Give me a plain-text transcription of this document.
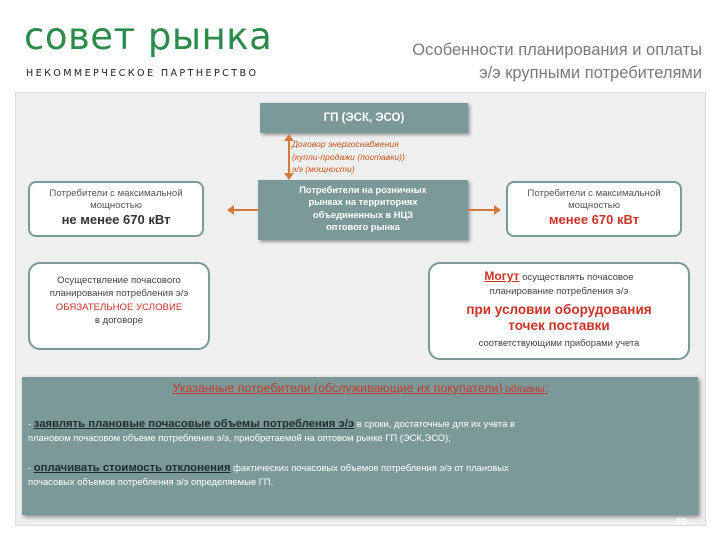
совет рынка
НЕКОММЕРЧЕСКОЕ ПАРТНЕРСТВО
Особенности планирования и оплаты
э/э крупными потребителями
ГП (ЭСК, ЭСО)
Договор энергоснабжения
(купли-продажи (поставки))
э/э (мощности)
Потребители на розничных
рынках на территориях
объединенных в НЦЗ
оптового рынка
Потребители с максимальной
мощностью
не менее 670 кВт
Потребители с максимальной
мощностью
менее 670 кВт
Осуществление почасового
планирования потребления э/э
ОБЯЗАТЕЛЬНОЕ УСЛОВИЕ
в договоре
Могут осуществлять почасовое
планирование потребления э/э
при условии оборудования
точек поставки
соответствующими приборами учета
Указанные потребители (обслуживающие их покупатели) обязаны:
- заявлять плановые почасовые объемы потребления э/э в сроки, достаточные для их учета в
плановом почасовом объеме потребления э/э, приобретаемой на оптовом рынке ГП (ЭСК,ЭСО);
- оплачивать стоимость отклонения фактических почасовых объемов потребления э/э от плановых
почасовых объемов потребления э/э определяемые ГП.
70
